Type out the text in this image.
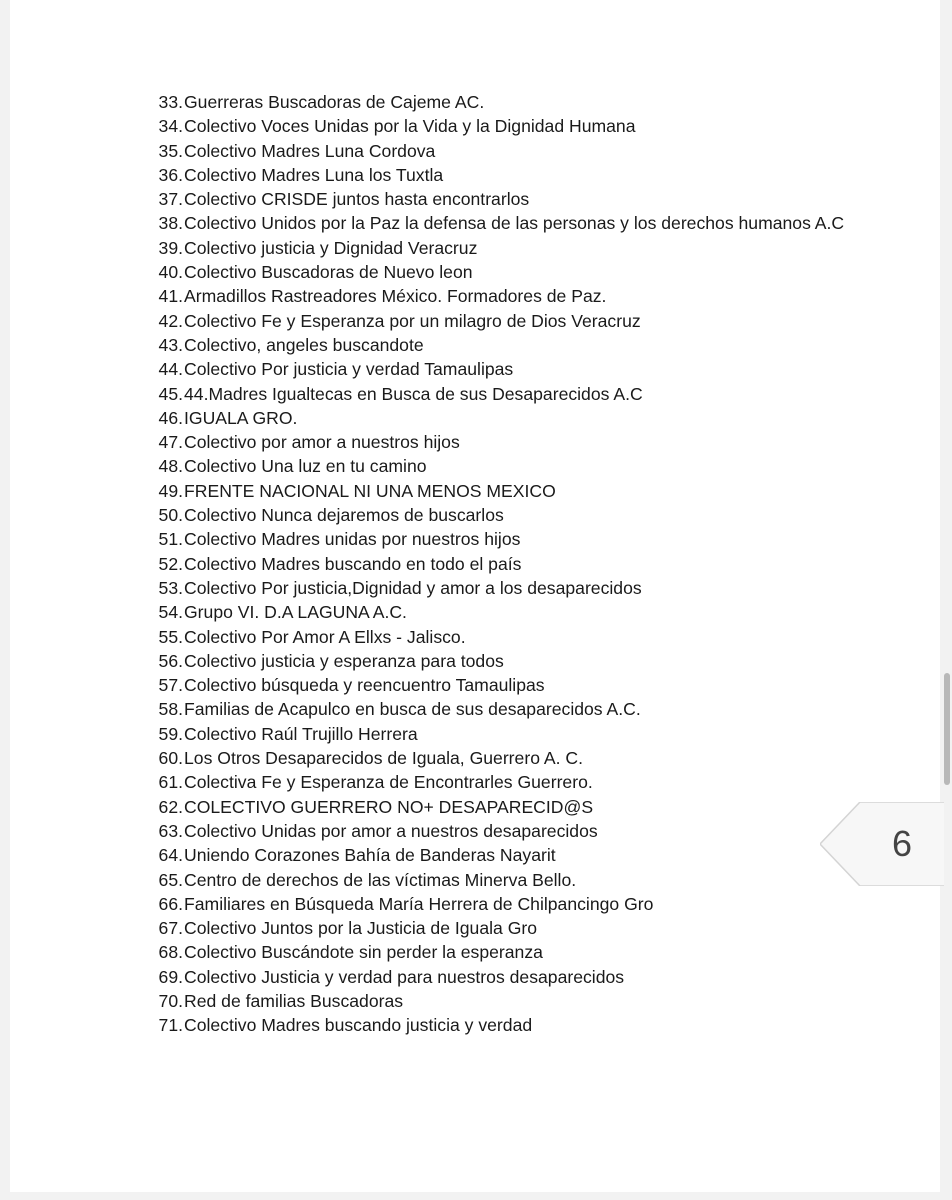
33. Guerreras Buscadoras de Cajeme AC.
34. Colectivo Voces Unidas por la Vida y la Dignidad Humana
35. Colectivo Madres Luna Cordova
36. Colectivo Madres Luna los Tuxtla
37. Colectivo CRISDE juntos hasta encontrarlos
38. Colectivo Unidos por la Paz la defensa de las personas y los derechos humanos A.C
39. Colectivo justicia y Dignidad Veracruz
40. Colectivo Buscadoras de Nuevo leon
41. Armadillos Rastreadores México. Formadores de Paz.
42. Colectivo Fe y Esperanza por un milagro de Dios Veracruz
43. Colectivo, angeles buscandote
44. Colectivo Por justicia y verdad Tamaulipas
45. 44.Madres Igualtecas en Busca de sus Desaparecidos A.C
46. IGUALA GRO.
47. Colectivo por amor a nuestros hijos
48. Colectivo Una luz en tu camino
49. FRENTE NACIONAL NI UNA MENOS MEXICO
50. Colectivo Nunca dejaremos de buscarlos
51. Colectivo Madres unidas por nuestros hijos
52. Colectivo Madres buscando en todo el país
53. Colectivo Por justicia,Dignidad y amor a los desaparecidos
54. Grupo VI. D.A LAGUNA A.C.
55. Colectivo Por Amor A Ellxs - Jalisco.
56. Colectivo justicia y esperanza para todos
57. Colectivo búsqueda y reencuentro Tamaulipas
58. Familias de Acapulco en busca de sus desaparecidos A.C.
59. Colectivo Raúl Trujillo Herrera
60. Los Otros Desaparecidos de Iguala, Guerrero A. C.
61. Colectiva Fe y Esperanza de Encontrarles Guerrero.
62. COLECTIVO GUERRERO NO+ DESAPARECID@S
63. Colectivo Unidas por amor a nuestros desaparecidos
64. Uniendo Corazones Bahía de Banderas Nayarit
65. Centro de derechos de las víctimas Minerva Bello.
66. Familiares en Búsqueda María Herrera de Chilpancingo Gro
67. Colectivo Juntos por la Justicia de Iguala Gro
68. Colectivo Buscándote sin perder la esperanza
69. Colectivo Justicia y verdad para nuestros desaparecidos
70. Red de familias Buscadoras
71. Colectivo Madres buscando justicia y verdad
6
